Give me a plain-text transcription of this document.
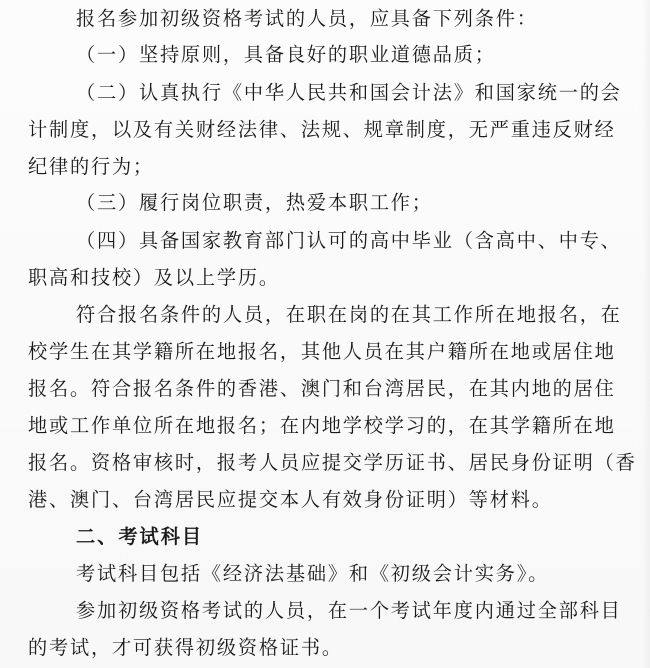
报名参加初级资格考试的人员，应具备下列条件：
（一）坚持原则，具备良好的职业道德品质；
（二）认真执行《中华人民共和国会计法》和国家统一的会
计制度，以及有关财经法律、法规、规章制度，无严重违反财经
纪律的行为；
（三）履行岗位职责，热爱本职工作；
（四）具备国家教育部门认可的高中毕业（含高中、中专、
职高和技校）及以上学历。
符合报名条件的人员，在职在岗的在其工作所在地报名，在
校学生在其学籍所在地报名，其他人员在其户籍所在地或居住地
报名。符合报名条件的香港、澳门和台湾居民，在其内地的居住
地或工作单位所在地报名；在内地学校学习的，在其学籍所在地
报名。资格审核时，报考人员应提交学历证书、居民身份证明（香
港、澳门、台湾居民应提交本人有效身份证明）等材料。
二、考试科目
考试科目包括《经济法基础》和《初级会计实务》。
参加初级资格考试的人员，在一个考试年度内通过全部科目
的考试，才可获得初级资格证书。
